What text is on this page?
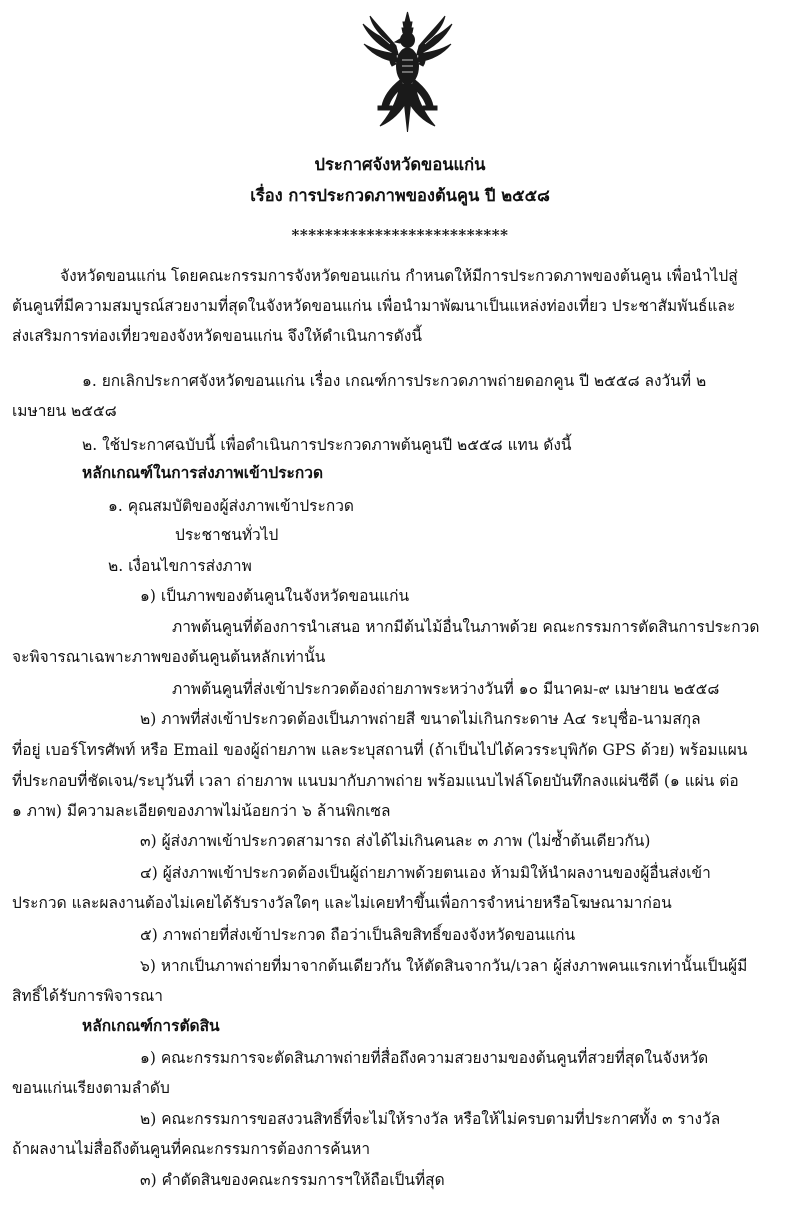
ประกาศจังหวัดขอนแก่น
เรื่อง การประกวดภาพของต้นคูน ปี ๒๕๕๘
**************************
จังหวัดขอนแก่น โดยคณะกรรมการจังหวัดขอนแก่น กำหนดให้มีการประกวดภาพของต้นคูน เพื่อนำไปสู่
ต้นคูนที่มีความสมบูรณ์สวยงามที่สุดในจังหวัดขอนแก่น เพื่อนำมาพัฒนาเป็นแหล่งท่องเที่ยว ประชาสัมพันธ์และ
ส่งเสริมการท่องเที่ยวของจังหวัดขอนแก่น จึงให้ดำเนินการดังนี้
๑. ยกเลิกประกาศจังหวัดขอนแก่น เรื่อง เกณฑ์การประกวดภาพถ่ายดอกคูน ปี ๒๕๕๘ ลงวันที่ ๒
เมษายน ๒๕๕๘
๒. ใช้ประกาศฉบับนี้ เพื่อดำเนินการประกวดภาพต้นคูนปี ๒๕๕๘ แทน ดังนี้
หลักเกณฑ์ในการส่งภาพเข้าประกวด
๑. คุณสมบัติของผู้ส่งภาพเข้าประกวด
ประชาชนทั่วไป
๒. เงื่อนไขการส่งภาพ
๑) เป็นภาพของต้นคูนในจังหวัดขอนแก่น
ภาพต้นคูนที่ต้องการนำเสนอ หากมีต้นไม้อื่นในภาพด้วย คณะกรรมการตัดสินการประกวด
จะพิจารณาเฉพาะภาพของต้นคูนต้นหลักเท่านั้น
ภาพต้นคูนที่ส่งเข้าประกวดต้องถ่ายภาพระหว่างวันที่ ๑๐ มีนาคม-๙ เมษายน ๒๕๕๘
๒) ภาพที่ส่งเข้าประกวดต้องเป็นภาพถ่ายสี ขนาดไม่เกินกระดาษ A๔ ระบุชื่อ-นามสกุล
ที่อยู่ เบอร์โทรศัพท์ หรือ Email ของผู้ถ่ายภาพ และระบุสถานที่ (ถ้าเป็นไปได้ควรระบุพิกัด GPS ด้วย) พร้อมแผน
ที่ประกอบที่ชัดเจน/ระบุวันที่ เวลา ถ่ายภาพ แนบมากับภาพถ่าย พร้อมแนบไฟล์โดยบันทึกลงแผ่นซีดี (๑ แผ่น ต่อ
๑ ภาพ) มีความละเอียดของภาพไม่น้อยกว่า ๖ ล้านพิกเซล
๓) ผู้ส่งภาพเข้าประกวดสามารถ ส่งได้ไม่เกินคนละ ๓ ภาพ (ไม่ซ้ำต้นเดียวกัน)
๔) ผู้ส่งภาพเข้าประกวดต้องเป็นผู้ถ่ายภาพด้วยตนเอง ห้ามมิให้นำผลงานของผู้อื่นส่งเข้า
ประกวด และผลงานต้องไม่เคยได้รับรางวัลใดๆ และไม่เคยทำขึ้นเพื่อการจำหน่ายหรือโฆษณามาก่อน
๕) ภาพถ่ายที่ส่งเข้าประกวด ถือว่าเป็นลิขสิทธิ์ของจังหวัดขอนแก่น
๖) หากเป็นภาพถ่ายที่มาจากต้นเดียวกัน ให้ตัดสินจากวัน/เวลา ผู้ส่งภาพคนแรกเท่านั้นเป็นผู้มี
สิทธิ์ได้รับการพิจารณา
หลักเกณฑ์การตัดสิน
๑) คณะกรรมการจะตัดสินภาพถ่ายที่สื่อถึงความสวยงามของต้นคูนที่สวยที่สุดในจังหวัด
ขอนแก่นเรียงตามลำดับ
๒) คณะกรรมการขอสงวนสิทธิ์ที่จะไม่ให้รางวัล หรือให้ไม่ครบตามที่ประกาศทั้ง ๓ รางวัล
ถ้าผลงานไม่สื่อถึงต้นคูนที่คณะกรรมการต้องการค้นหา
๓) คำตัดสินของคณะกรรมการฯให้ถือเป็นที่สุด
